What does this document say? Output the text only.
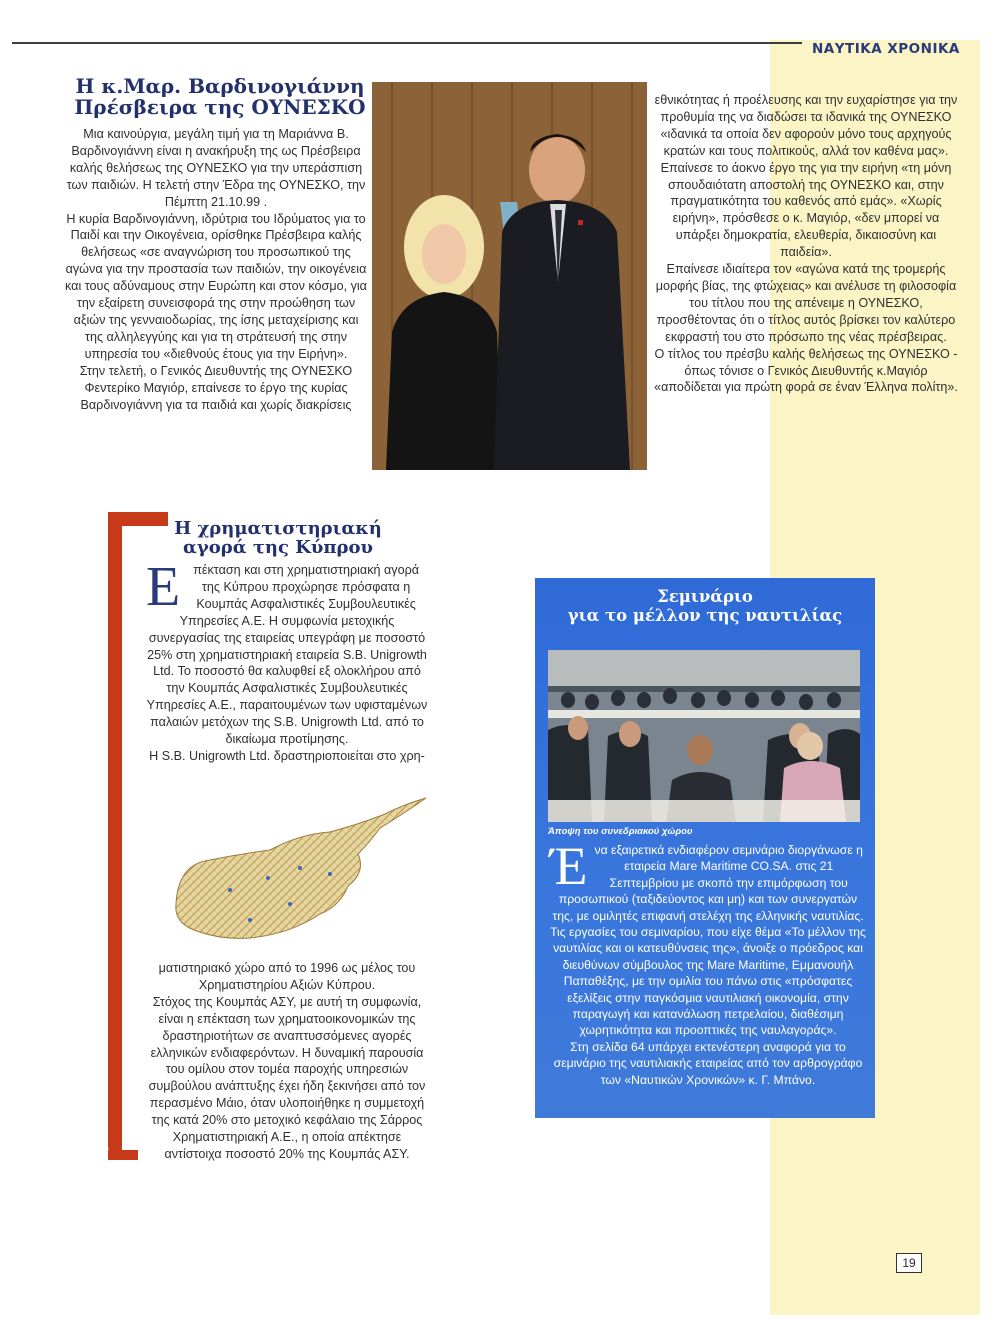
ΝΑΥΤΙΚΑ ΧΡΟΝΙΚΑ
Η κ.Μαρ. Βαρδινογιάννη
Πρέσβειρα της ΟΥΝΕΣΚΟ

Μια καινούργια, μεγάλη τιμή για τη Μαριάννα Β. Βαρδινογιάννη είναι η ανακήρυξη της ως Πρέσβειρα καλής θελήσεως της ΟΥΝΕΣΚΟ για την υπεράσπιση των παιδιών. Η τελετή στην Έδρα της ΟΥΝΕΣΚΟ, την Πέμπτη 21.10.99 .

Η κυρία Βαρδινογιάννη, ιδρύτρια του Ιδρύματος για το Παιδί και την Οικογένεια, ορίσθηκε Πρέσβειρα καλής θελήσεως «σε αναγνώριση του προσωπικού της αγώνα για την προστασία των παιδιών, την οικογένεια και τους αδύναμους στην Ευρώπη και στον κόσμο, για την εξαίρετη συνεισφορά της στην προώθηση των αξιών της γενναιοδωρίας, της ίσης μεταχείρισης και της αλληλεγγύης και για τη στράτευσή της στην υπηρεσία του «διεθνούς έτους για την Ειρήνη».

Στην τελετή, ο Γενικός Διευθυντής της ΟΥΝΕΣΚΟ Φεντερίκο Μαγιόρ, επαίνεσε το έργο της κυρίας Βαρδινογιάννη για τα παιδιά και χωρίς διακρίσεις

εθνικότητας ή προέλευσης και την ευχαρίστησε για την προθυμία της να διαδώσει τα ιδανικά της ΟΥΝΕΣΚΟ «ιδανικά τα οποία δεν αφορούν μόνο τους αρχηγούς κρατών και τους πολιτικούς, αλλά τον καθένα μας». Επαίνεσε το άοκνο έργο της για την ειρήνη «τη μόνη σπουδαιότατη αποστολή της ΟΥΝΕΣΚΟ και, στην πραγματικότητα του καθενός από εμάς». «Χωρίς ειρήνη», πρόσθεσε ο κ. Μαγιόρ, «δεν μπορεί να υπάρξει δημοκρατία, ελευθερία, δικαιοσύνη και παιδεία».

Επαίνεσε ιδιαίτερα τον «αγώνα κατά της τρομερής μορφής βίας, της φτώχειας» και ανέλυσε τη φιλοσοφία του τίτλου που της απένειμε η ΟΥΝΕΣΚΟ, προσθέτοντας ότι ο τίτλος αυτός βρίσκει τον καλύτερο εκφραστή του στο πρόσωπο της νέας πρέσβειρας.

Ο τίτλος του πρέσβυ καλής θελήσεως της ΟΥΝΕΣΚΟ - όπως τόνισε ο Γενικός Διευθυντής κ.Μαγιόρ «αποδίδεται για πρώτη φορά σε έναν Έλληνα πολίτη».

Η χρηματιστηριακή
αγορά της Κύπρου

Ε πέκταση και στη χρηματιστηριακή αγορά της Κύπρου προχώρησε πρόσφατα η Κουμπάς Ασφαλιστικές Συμβουλευτικές Υπηρεσίες Α.Ε. Η συμφωνία μετοχικής συνεργασίας της εταιρείας υπεγράφη με ποσοστό 25% στη χρηματιστηριακή εταιρεία S.B. Unigrowth Ltd. Το ποσοστό θα καλυφθεί εξ ολοκλήρου από την Κουμπάς Ασφαλιστικές Συμβουλευτικές Υπηρεσίες Α.Ε., παραιτουμένων των υφισταμένων παλαιών μετόχων της S.B. Unigrowth Ltd. από το δικαίωμα προτίμησης.

Η S.B. Unigrowth Ltd. δραστηριοποιείται στο χρη-

ματιστηριακό χώρο από το 1996 ως μέλος του Χρηματιστηρίου Αξιών Κύπρου.

Στόχος της Κουμπάς ΑΣΥ, με αυτή τη συμφωνία, είναι η επέκταση των χρηματοοικονομικών της δραστηριοτήτων σε αναπτυσσόμενες αγορές ελληνικών ενδιαφερόντων. Η δυναμική παρουσία του ομίλου στον τομέα παροχής υπηρεσιών συμβούλου ανάπτυξης έχει ήδη ξεκινήσει από τον περασμένο Μάιο, όταν υλοποιήθηκε η συμμετοχή της κατά 20% στο μετοχικό κεφάλαιο της Σάρρος Χρηματιστηριακή Α.Ε., η οποία απέκτησε αντίστοιχα ποσοστό 20% της Κουμπάς ΑΣΥ.

Σεμινάριο
για το μέλλον της ναυτιλίας
Άποψη του συνεδριακού χώρου

Ένα εξαιρετικά ενδιαφέρον σεμινάριο διοργάνωσε η εταιρεία Mare Maritime CO.SA. στις 21 Σεπτεμβρίου με σκοπό την επιμόρφωση του προσωπικού (ταξιδεύοντος και μη) και των συνεργατών της, με ομιλητές επιφανή στελέχη της ελληνικής ναυτιλίας.

Τις εργασίες του σεμιναρίου, που είχε θέμα «Το μέλλον της ναυτιλίας και οι κατευθύνσεις της», άνοιξε ο πρόεδρος και διευθύνων σύμβουλος της Mare Maritime, Εμμανουήλ Παπαθέξης, με την ομιλία του πάνω στις «πρόσφατες εξελίξεις στην παγκόσμια ναυτιλιακή οικονομία, στην παραγωγή και κατανάλωση πετρελαίου, διαθέσιμη χωρητικότητα και προοπτικές της ναυλαγοράς».

Στη σελίδα 64 υπάρχει εκτενέστερη αναφορά για το σεμινάριο της ναυτιλιακής εταιρείας από τον αρθρογράφο των «Ναυτικών Χρονικών» κ. Γ. Μπάνο.

19
